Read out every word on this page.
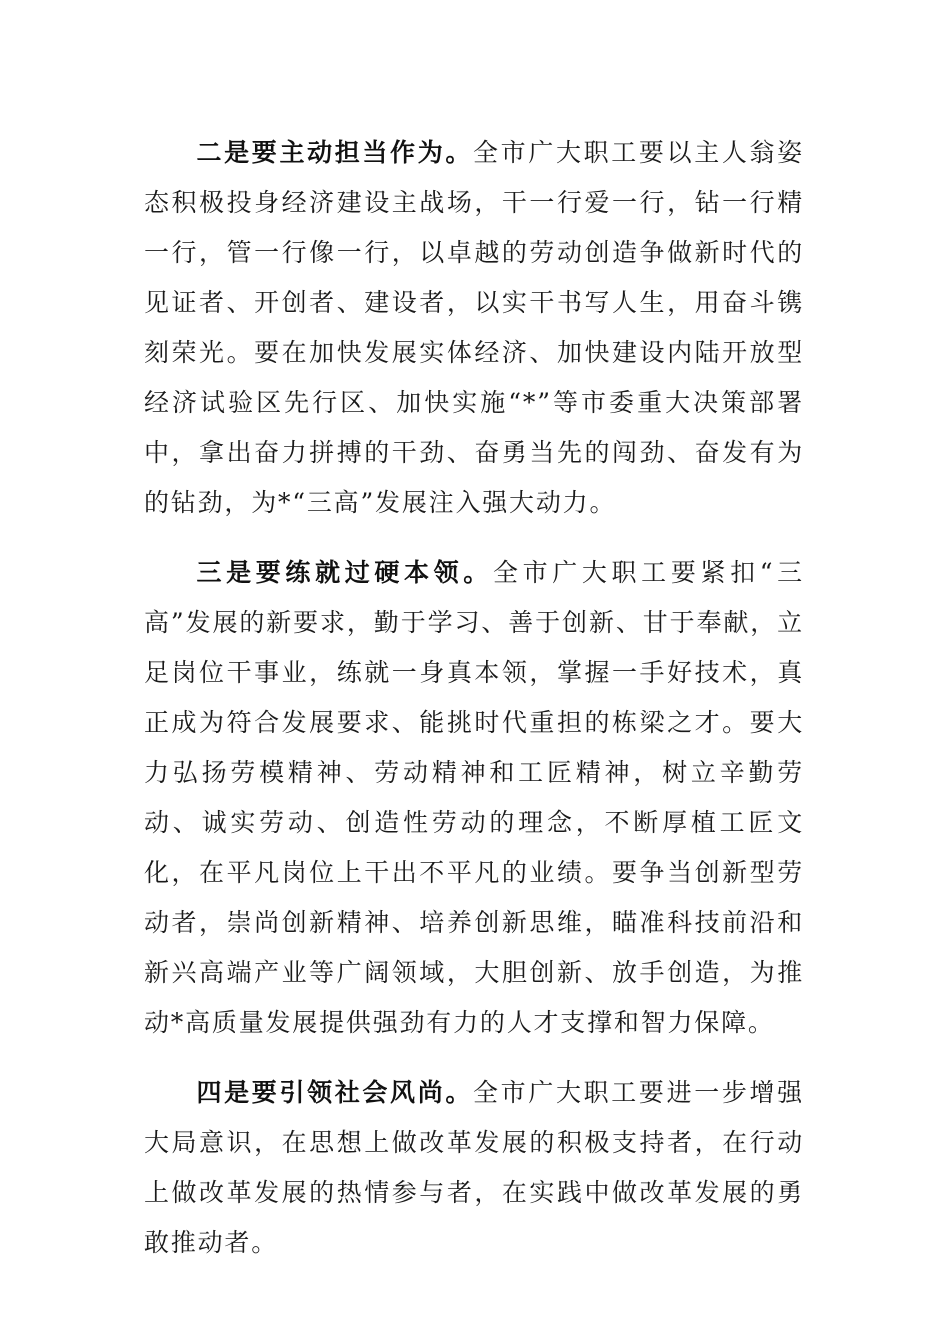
二是要主动担当作为。全市广大职工要以主人翁姿态积极投身经济建设主战场，干一行爱一行，钻一行精一行，管一行像一行，以卓越的劳动创造争做新时代的见证者、开创者、建设者，以实干书写人生，用奋斗镌刻荣光。要在加快发展实体经济、加快建设内陆开放型经济试验区先行区、加快实施“*”等市委重大决策部署中，拿出奋力拼搏的干劲、奋勇当先的闯劲、奋发有为的钻劲，为*“三高”发展注入强大动力。

三是要练就过硬本领。全市广大职工要紧扣“三高”发展的新要求，勤于学习、善于创新、甘于奉献，立足岗位干事业，练就一身真本领，掌握一手好技术，真正成为符合发展要求、能挑时代重担的栋梁之才。要大力弘扬劳模精神、劳动精神和工匠精神，树立辛勤劳动、诚实劳动、创造性劳动的理念，不断厚植工匠文化，在平凡岗位上干出不平凡的业绩。要争当创新型劳动者，崇尚创新精神、培养创新思维，瞄准科技前沿和新兴高端产业等广阔领域，大胆创新、放手创造，为推动*高质量发展提供强劲有力的人才支撑和智力保障。

四是要引领社会风尚。全市广大职工要进一步增强大局意识，在思想上做改革发展的积极支持者，在行动上做改革发展的热情参与者，在实践中做改革发展的勇敢推动者。
